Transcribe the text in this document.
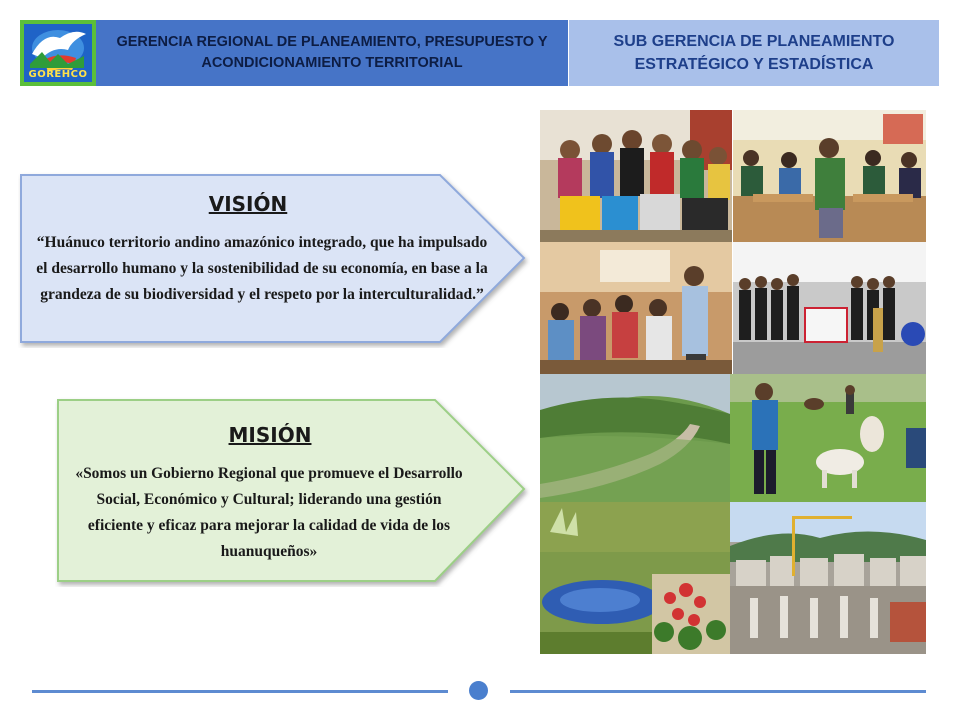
GOREHCO
GERENCIA REGIONAL DE PLANEAMIENTO, PRESUPUESTO Y ACONDICIONAMIENTO TERRITORIAL
SUB GERENCIA DE PLANEAMIENTO ESTRATÉGICO Y ESTADÍSTICA
VISIÓN
“Huánuco territorio andino amazónico integrado, que ha impulsado el desarrollo humano y la sostenibilidad de su economía, en base a la grandeza de su biodiversidad y el respeto por la interculturalidad.”
MISIÓN
«Somos un Gobierno Regional que promueve el Desarrollo Social, Económico y Cultural; liderando una gestión eficiente y eficaz para mejorar la calidad de vida de los huanuqueños»
